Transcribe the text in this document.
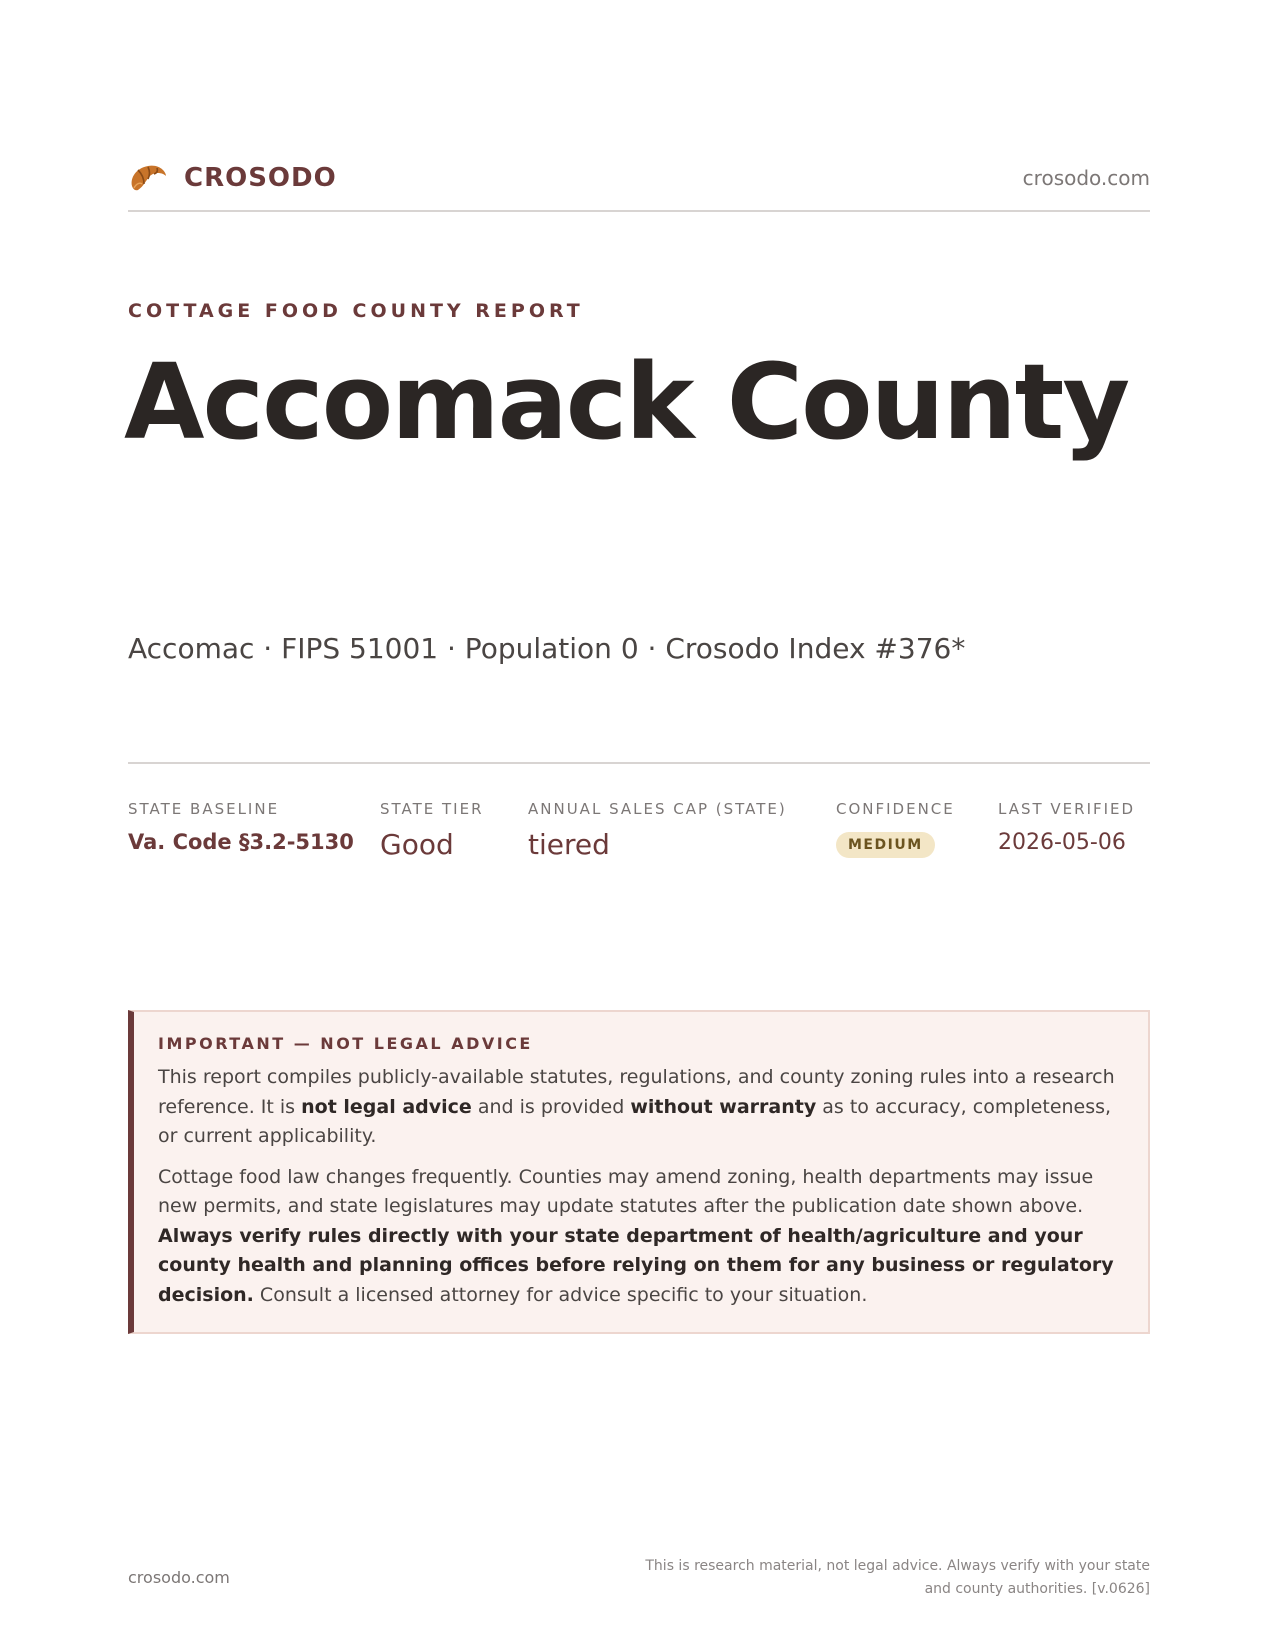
CROSODO	crosodo.com
COTTAGE FOOD COUNTY REPORT
Accomack County
Accomac · FIPS 51001 · Population 0 · Crosodo Index #376*
STATE BASELINE
Va. Code §3.2-5130
STATE TIER
Good
ANNUAL SALES CAP (STATE)
tiered
CONFIDENCE
MEDIUM
LAST VERIFIED
2026-05-06
IMPORTANT — NOT LEGAL ADVICE

This report compiles publicly-available statutes, regulations, and county zoning rules into a research reference. It is not legal advice and is provided without warranty as to accuracy, completeness, or current applicability.

Cottage food law changes frequently. Counties may amend zoning, health departments may issue new permits, and state legislatures may update statutes after the publication date shown above. Always verify rules directly with your state department of health/agriculture and your county health and planning offices before relying on them for any business or regulatory decision. Consult a licensed attorney for advice specific to your situation.

crosodo.com
This is research material, not legal advice. Always verify with your state
and county authorities. [v.0626]
